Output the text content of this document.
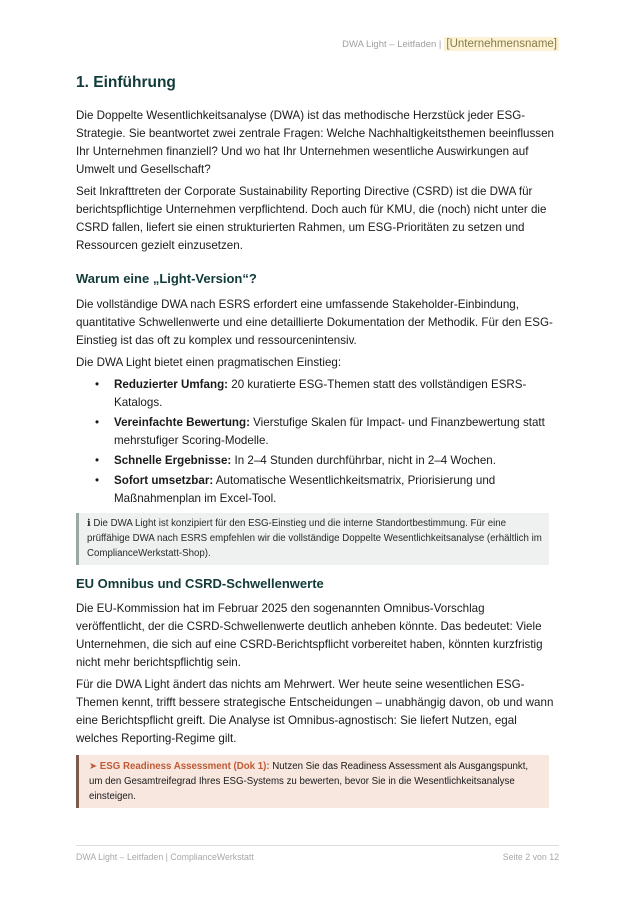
DWA Light – Leitfaden | [Unternehmensname]
1. Einführung

Die Doppelte Wesentlichkeitsanalyse (DWA) ist das methodische Herzstück jeder ESG-Strategie. Sie beantwortet zwei zentrale Fragen: Welche Nachhaltigkeitsthemen beeinflussen Ihr Unternehmen finanziell? Und wo hat Ihr Unternehmen wesentliche Auswirkungen auf Umwelt und Gesellschaft?

Seit Inkrafttreten der Corporate Sustainability Reporting Directive (CSRD) ist die DWA für berichtspflichtige Unternehmen verpflichtend. Doch auch für KMU, die (noch) nicht unter die CSRD fallen, liefert sie einen strukturierten Rahmen, um ESG-Prioritäten zu setzen und Ressourcen gezielt einzusetzen.

Warum eine „Light-Version“?

Die vollständige DWA nach ESRS erfordert eine umfassende Stakeholder-Einbindung, quantitative Schwellenwerte und eine detaillierte Dokumentation der Methodik. Für den ESG-Einstieg ist das oft zu komplex und ressourcenintensiv.

Die DWA Light bietet einen pragmatischen Einstieg:

• Reduzierter Umfang: 20 kuratierte ESG-Themen statt des vollständigen ESRS-Katalogs.
• Vereinfachte Bewertung: Vierstufige Skalen für Impact- und Finanzbewertung statt mehrstufiger Scoring-Modelle.
• Schnelle Ergebnisse: In 2–4 Stunden durchführbar, nicht in 2–4 Wochen.
• Sofort umsetzbar: Automatische Wesentlichkeitsmatrix, Priorisierung und Maßnahmenplan im Excel-Tool.
ℹ Die DWA Light ist konzipiert für den ESG-Einstieg und die interne Standortbestimmung. Für eine prüffähige DWA nach ESRS empfehlen wir die vollständige Doppelte Wesentlichkeitsanalyse (erhältlich im ComplianceWerkstatt-Shop).
EU Omnibus und CSRD-Schwellenwerte

Die EU-Kommission hat im Februar 2025 den sogenannten Omnibus-Vorschlag veröffentlicht, der die CSRD-Schwellenwerte deutlich anheben könnte. Das bedeutet: Viele Unternehmen, die sich auf eine CSRD-Berichtspflicht vorbereitet haben, könnten kurzfristig nicht mehr berichtspflichtig sein.

Für die DWA Light ändert das nichts am Mehrwert. Wer heute seine wesentlichen ESG-Themen kennt, trifft bessere strategische Entscheidungen – unabhängig davon, ob und wann eine Berichtspflicht greift. Die Analyse ist Omnibus-agnostisch: Sie liefert Nutzen, egal welches Reporting-Regime gilt.

➤ ESG Readiness Assessment (Dok 1): Nutzen Sie das Readiness Assessment als Ausgangspunkt, um den Gesamtreifegrad Ihres ESG-Systems zu bewerten, bevor Sie in die Wesentlichkeitsanalyse einsteigen.
DWA Light – Leitfaden | ComplianceWerkstatt	Seite 2 von 12
